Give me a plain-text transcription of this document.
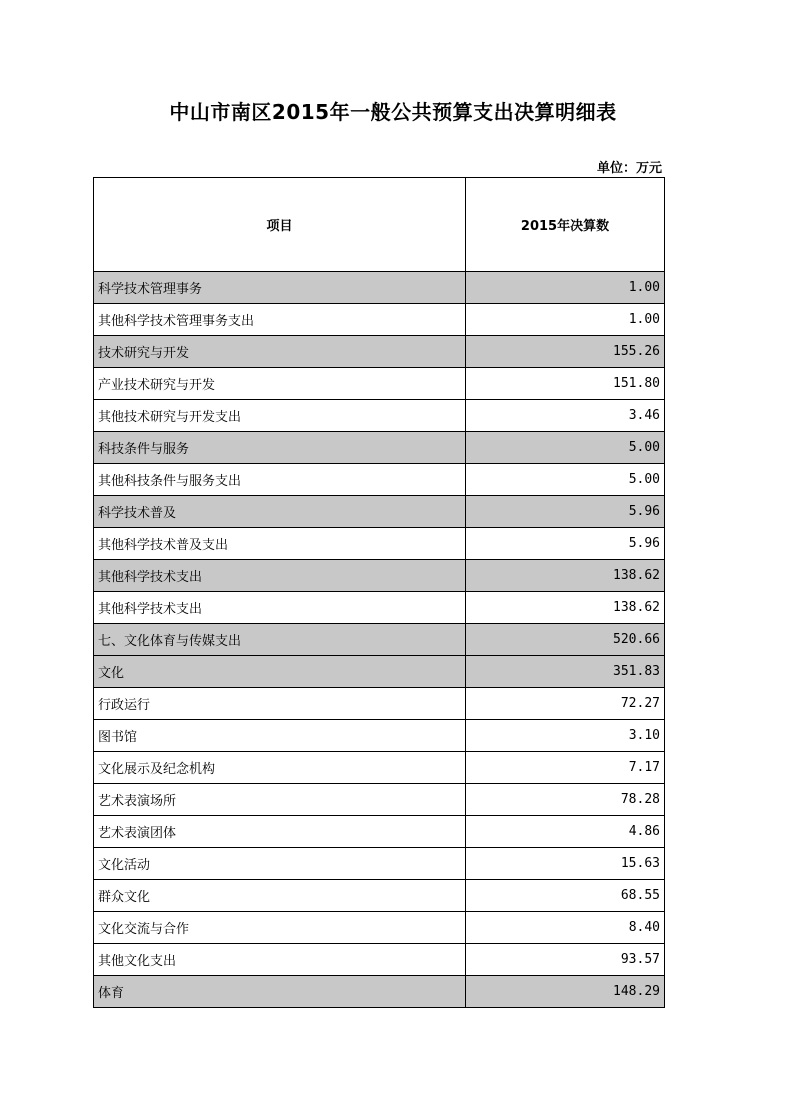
中山市南区2015年一般公共预算支出决算明细表
单位：万元
项目	2015年决算数
科学技术管理事务	1.00
其他科学技术管理事务支出	1.00
技术研究与开发	155.26
产业技术研究与开发	151.80
其他技术研究与开发支出	3.46
科技条件与服务	5.00
其他科技条件与服务支出	5.00
科学技术普及	5.96
其他科学技术普及支出	5.96
其他科学技术支出	138.62
其他科学技术支出	138.62
七、文化体育与传媒支出	520.66
文化	351.83
行政运行	72.27
图书馆	3.10
文化展示及纪念机构	7.17
艺术表演场所	78.28
艺术表演团体	4.86
文化活动	15.63
群众文化	68.55
文化交流与合作	8.40
其他文化支出	93.57
体育	148.29
